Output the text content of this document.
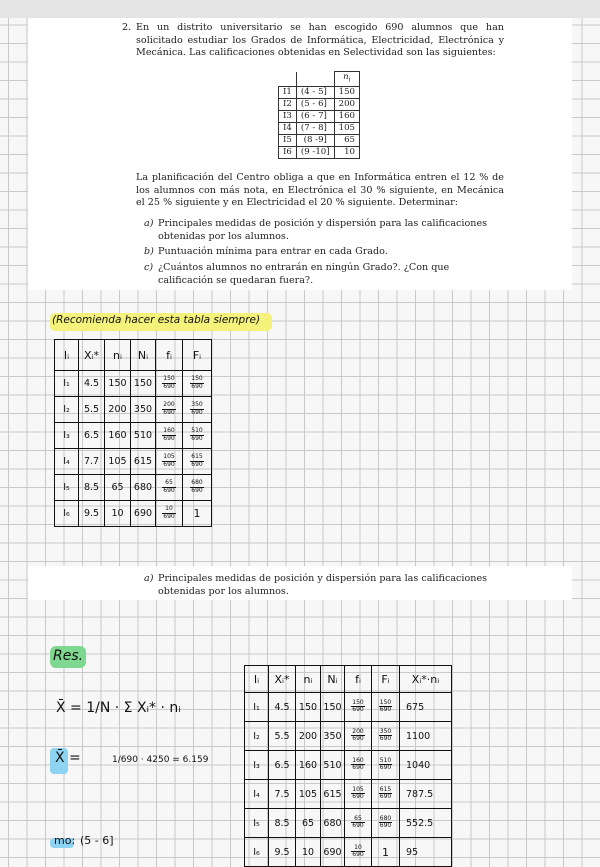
2. En un distrito universitario se han escogido 690 alumnos que han solicitado estudiar los Grados de Informática, Electricidad, Electrónica y Mecánica. Las calificaciones obtenidas en Selectividad son las siguientes:
		$n_i$
I1	(4 - 5]	150
I2	(5 - 6]	200
I3	(6 - 7]	160
I4	(7 - 8]	105
I5	(8 -9]	65
I6	(9 -10]	10
La planificación del Centro obliga a que en Informática entren el 12 % de los alumnos con más nota, en Electrónica el 30 % siguiente, en Mecánica el 25 % siguiente y en Electricidad el 20 % siguiente. Determinar:
a) Principales medidas de posición y dispersión para las calificaciones obtenidas por los alumnos.
b) Puntuación mínima para entrar en cada Grado.
c) ¿Cuántos alumnos no entrarán en ningún Grado?. ¿Con que calificación se quedaran fuera?.
(Recomienda hacer esta tabla siempre)
Iᵢ	Xᵢ*	nᵢ	Nᵢ	fᵢ	Fᵢ
I₁	4.5	150	150	$\frac{150}{690}$	$\frac{150}{690}$

I₂	5.5	200	350	$\frac{200}{690}$	$\frac{350}{690}$

I₃	6.5	160	510	$\frac{160}{690}$	$\frac{510}{690}$

I₄	7.7	105	615	$\frac{105}{690}$	$\frac{615}{690}$

I₅	8.5	65	680	$\frac{65}{690}$	$\frac{680}{690}$

I₆	9.5	10	690	$\frac{10}{690}$	1
a) Principales medidas de posición y dispersión para las calificaciones obtenidas por los alumnos.
Res.
X̄ = 1/N · Σ Xᵢ* · nᵢ
X̄ =	1/690 · 4250 = 6.159
mo: (5 - 6]
Iᵢ	Xᵢ*	nᵢ	Nᵢ	fᵢ	Fᵢ	Xᵢ*·nᵢ
I₁	4.5	150	150	$\frac{150}{690}$	$\frac{150}{690}$	675
I₂	5.5	200	350	$\frac{200}{690}$	$\frac{350}{690}$	1100
I₃	6.5	160	510	$\frac{160}{690}$	$\frac{510}{690}$	1040
I₄	7.5	105	615	$\frac{105}{690}$	$\frac{615}{690}$	787.5
I₅	8.5	65	680	$\frac{65}{690}$	$\frac{680}{690}$	552.5
I₆	9.5	10	690	$\frac{10}{690}$	1	95
